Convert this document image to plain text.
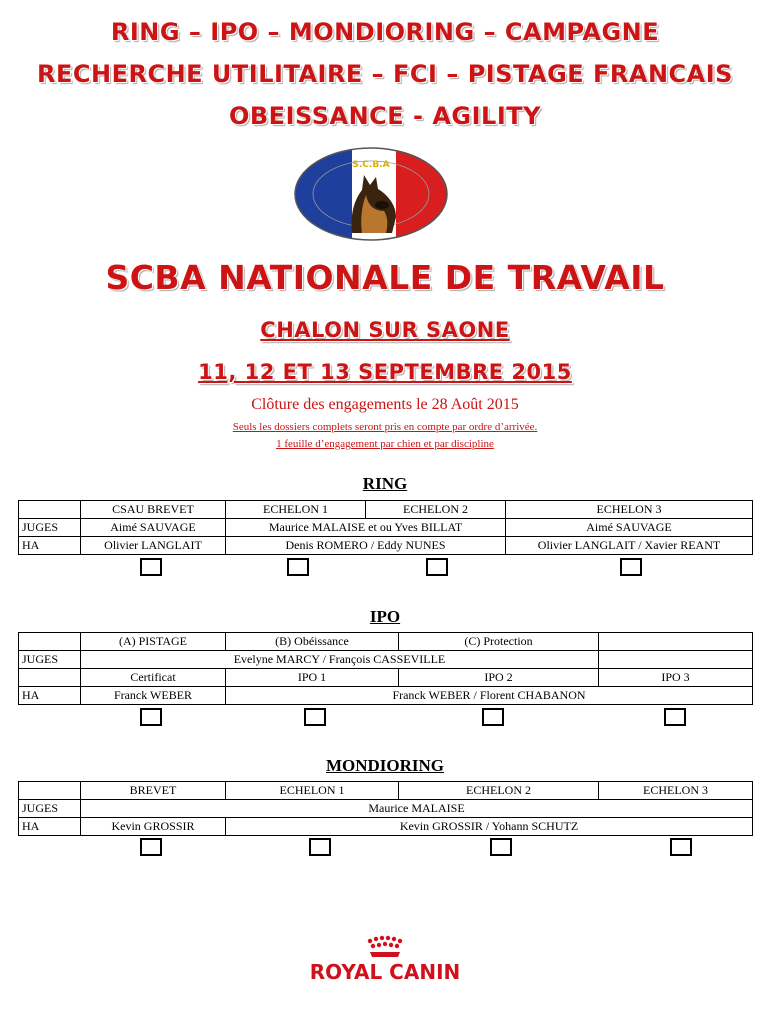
RING – IPO – MONDIORING – CAMPAGNE
RECHERCHE UTILITAIRE – FCI – PISTAGE FRANCAIS
OBEISSANCE - AGILITY
S.C.B.A
SCBA NATIONALE DE TRAVAIL
CHALON SUR SAONE
11, 12 ET 13 SEPTEMBRE 2015
Clôture des engagements le 28 Août 2015
Seuls les dossiers complets seront pris en compte par ordre d’arrivée.
1 feuille d’engagement par chien et par discipline
RING
	CSAU BREVET	ECHELON 1	ECHELON 2	ECHELON 3
JUGES	Aimé SAUVAGE	Maurice MALAISE et ou Yves BILLAT		Aimé SAUVAGE
HA	Olivier LANGLAIT	Denis ROMERO / Eddy NUNES		Olivier LANGLAIT / Xavier REANT
IPO
	(A) PISTAGE	(B) Obéissance	(C) Protection	
JUGES	Evelyne MARCY / François CASSEVILLE			
	Certificat	IPO 1	IPO 2	IPO 3
HA	Franck WEBER	Franck WEBER / Florent CHABANON		
MONDIORING
	BREVET	ECHELON 1	ECHELON 2	ECHELON 3
JUGES	Maurice MALAISE			
HA	Kevin GROSSIR	Kevin GROSSIR / Yohann SCHUTZ		
ROYAL CANIN
